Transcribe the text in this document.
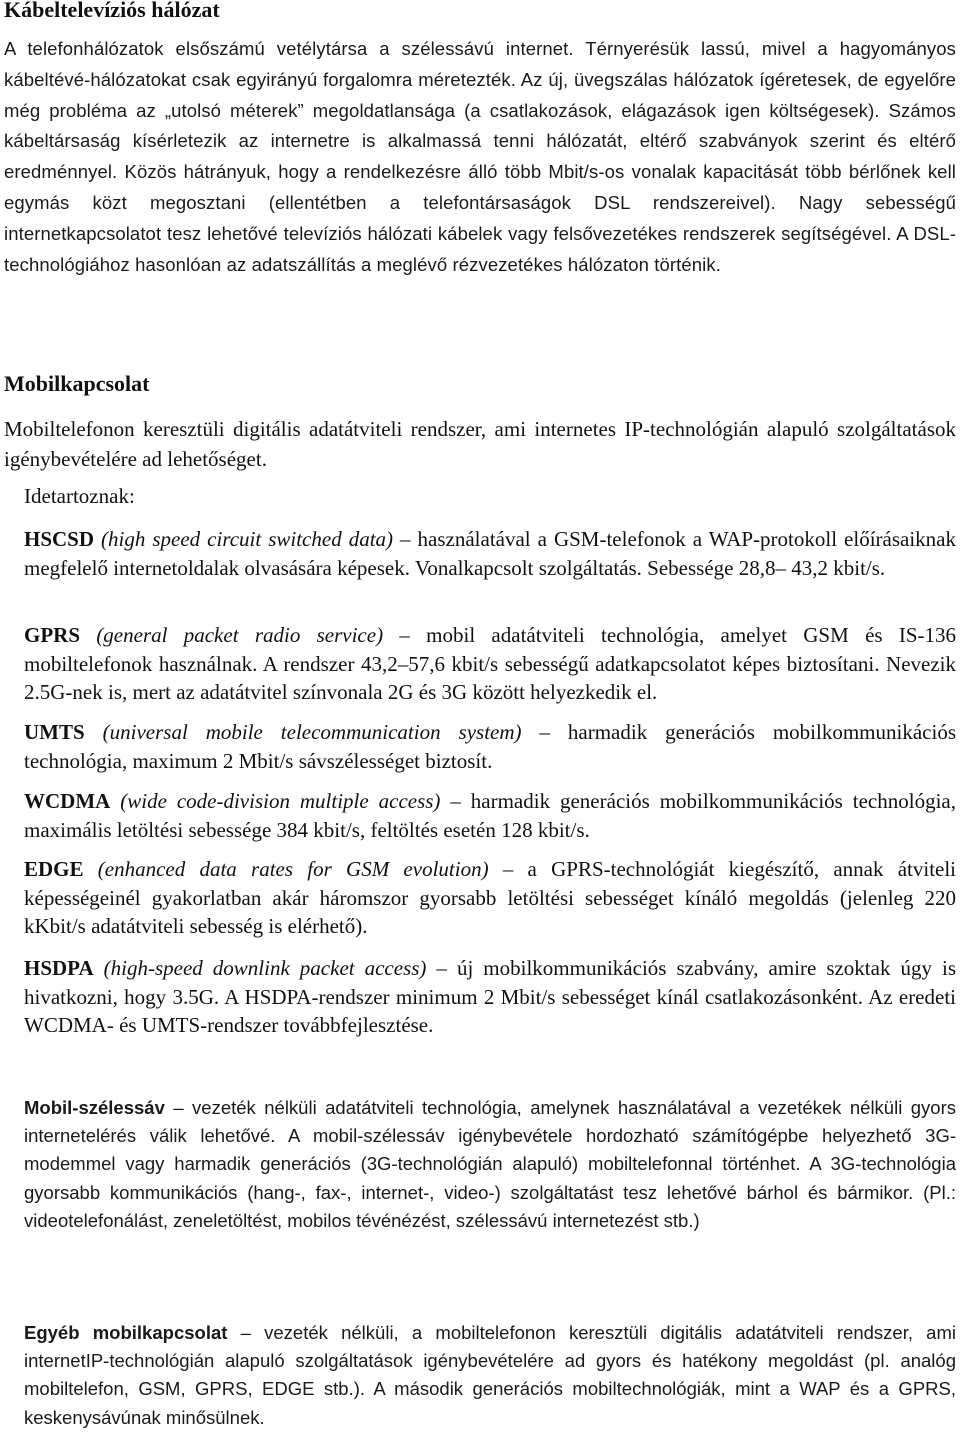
Kábeltelevíziós hálózat

A telefonhálózatok elsőszámú vetélytársa a szélessávú internet. Térnyerésük lassú, mivel a hagyományos kábeltévé-hálózatokat csak egyirányú forgalomra méretezték. Az új, üvegszálas hálózatok ígéretesek, de egyelőre még probléma az „utolsó méterek” megoldatlansága (a csatlakozások, elágazások igen költségesek). Számos kábeltársaság kísérletezik az internetre is alkalmassá tenni hálózatát, eltérő szabványok szerint és eltérő eredménnyel. Közös hátrányuk, hogy a rendelkezésre álló több Mbit/s-os vonalak kapacitását több bérlőnek kell egymás közt megosztani (ellentétben a telefontársaságok DSL rendszereivel). Nagy sebességű internetkapcsolatot tesz lehetővé televíziós hálózati kábelek vagy felsővezetékes rendszerek segítségével. A DSL-technológiához hasonlóan az adatszállítás a meglévő rézvezetékes hálózaton történik.

Mobilkapcsolat

Mobiltelefonon keresztüli digitális adatátviteli rendszer, ami internetes IP-technológián alapuló szolgáltatások igénybevételére ad lehetőséget.

Idetartoznak:

HSCSD (high speed circuit switched data) – használatával a GSM-telefonok a WAP-protokoll előírásaiknak megfelelő internetoldalak olvasására képesek. Vonalkapcsolt szolgáltatás. Sebessége 28,8– 43,2 kbit/s.

GPRS (general packet radio service) – mobil adatátviteli technológia, amelyet GSM és IS-136 mobiltelefonok használnak. A rendszer 43,2–57,6 kbit/s sebességű adatkapcsolatot képes biztosítani. Nevezik 2.5G-nek is, mert az adatátvitel színvonala 2G és 3G között helyezkedik el.

UMTS (universal mobile telecommunication system) – harmadik generációs mobilkommunikációs technológia, maximum 2 Mbit/s sávszélességet biztosít.

WCDMA (wide code-division multiple access) – harmadik generációs mobilkommunikációs technológia, maximális letöltési sebessége 384 kbit/s, feltöltés esetén 128 kbit/s.

EDGE (enhanced data rates for GSM evolution) – a GPRS-technológiát kiegészítő, annak átviteli képességeinél gyakorlatban akár háromszor gyorsabb letöltési sebességet kínáló megoldás (jelenleg 220 kKbit/s adatátviteli sebesség is elérhető).

HSDPA (high-speed downlink packet access) – új mobilkommunikációs szabvány, amire szoktak úgy is hivatkozni, hogy 3.5G. A HSDPA-rendszer minimum 2 Mbit/s sebességet kínál csatlakozásonként. Az eredeti WCDMA- és UMTS-rendszer továbbfejlesztése.

Mobil-szélessáv – vezeték nélküli adatátviteli technológia, amelynek használatával a vezetékek nélküli gyors internetelérés válik lehetővé. A mobil-szélessáv igénybevétele hordozható számítógépbe helyezhető 3G-modemmel vagy harmadik generációs (3G-technológián alapuló) mobiltelefonnal történhet. A 3G-technológia gyorsabb kommunikációs (hang-, fax-, internet-, video-) szolgáltatást tesz lehetővé bárhol és bármikor. (Pl.: videotelefonálást, zeneletöltést, mobilos tévénézést, szélessávú internetezést stb.)

Egyéb mobilkapcsolat – vezeték nélküli, a mobiltelefonon keresztüli digitális adatátviteli rendszer, ami internetIP-technológián alapuló szolgáltatások igénybevételére ad gyors és hatékony megoldást (pl. analóg mobiltelefon, GSM, GPRS, EDGE stb.). A második generációs mobiltechnológiák, mint a WAP és a GPRS, keskenysávúnak minősülnek.
